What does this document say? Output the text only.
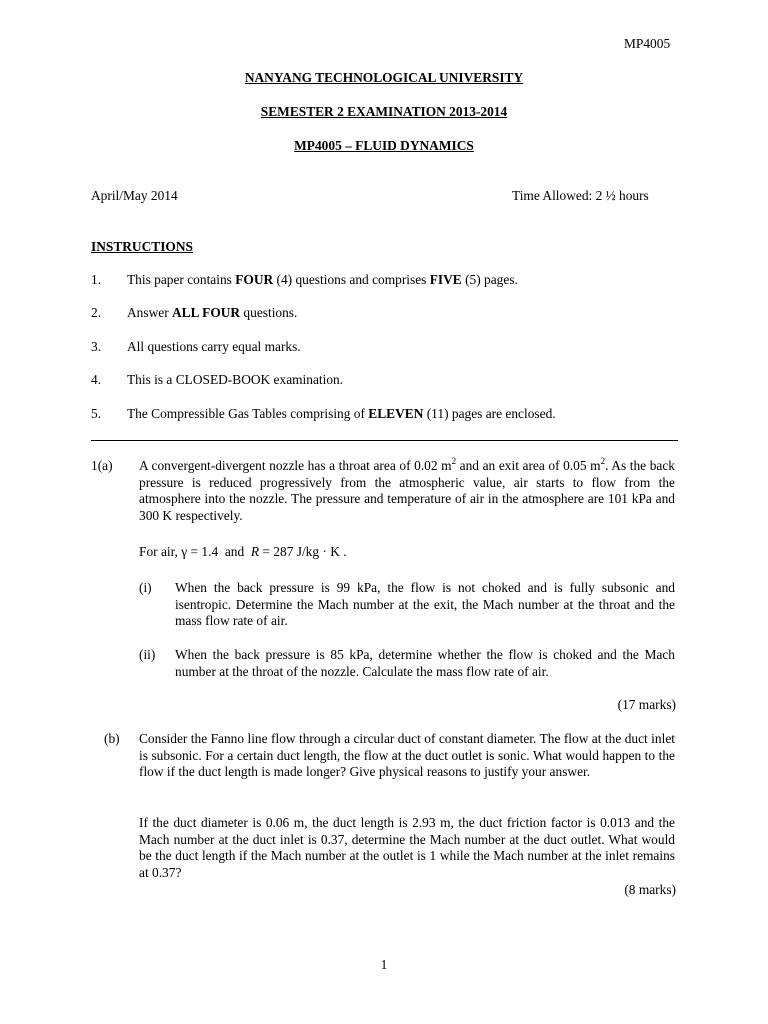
MP4005
NANYANG TECHNOLOGICAL UNIVERSITY
SEMESTER 2 EXAMINATION 2013-2014
MP4005 – FLUID DYNAMICS
April/May 2014	Time Allowed: 2 ½ hours
INSTRUCTIONS
1. This paper contains FOUR (4) questions and comprises FIVE (5) pages.
2. Answer ALL FOUR questions.
3. All questions carry equal marks.
4. This is a CLOSED-BOOK examination.
5. The Compressible Gas Tables comprising of ELEVEN (11) pages are enclosed.
1(a) A convergent-divergent nozzle has a throat area of 0.02 $m^2$ and an exit area of 0.05 $m^2$. As the back pressure is reduced progressively from the atmospheric value, air starts to flow from the atmosphere into the nozzle. The pressure and temperature of air in the atmosphere are 101 kPa and 300 K respectively.
For air, γ = 1.4  and  R = 287 J/kg · K .
(i) When the back pressure is 99 kPa, the flow is not choked and is fully subsonic and isentropic. Determine the Mach number at the exit, the Mach number at the throat and the mass flow rate of air.
(ii) When the back pressure is 85 kPa, determine whether the flow is choked and the Mach number at the throat of the nozzle. Calculate the mass flow rate of air.
(17 marks)
(b) Consider the Fanno line flow through a circular duct of constant diameter. The flow at the duct inlet is subsonic. For a certain duct length, the flow at the duct outlet is sonic. What would happen to the flow if the duct length is made longer? Give physical reasons to justify your answer.
If the duct diameter is 0.06 m, the duct length is 2.93 m, the duct friction factor is 0.013 and the Mach number at the duct inlet is 0.37, determine the Mach number at the duct outlet. What would be the duct length if the Mach number at the outlet is 1 while the Mach number at the inlet remains at 0.37?
(8 marks)
1
